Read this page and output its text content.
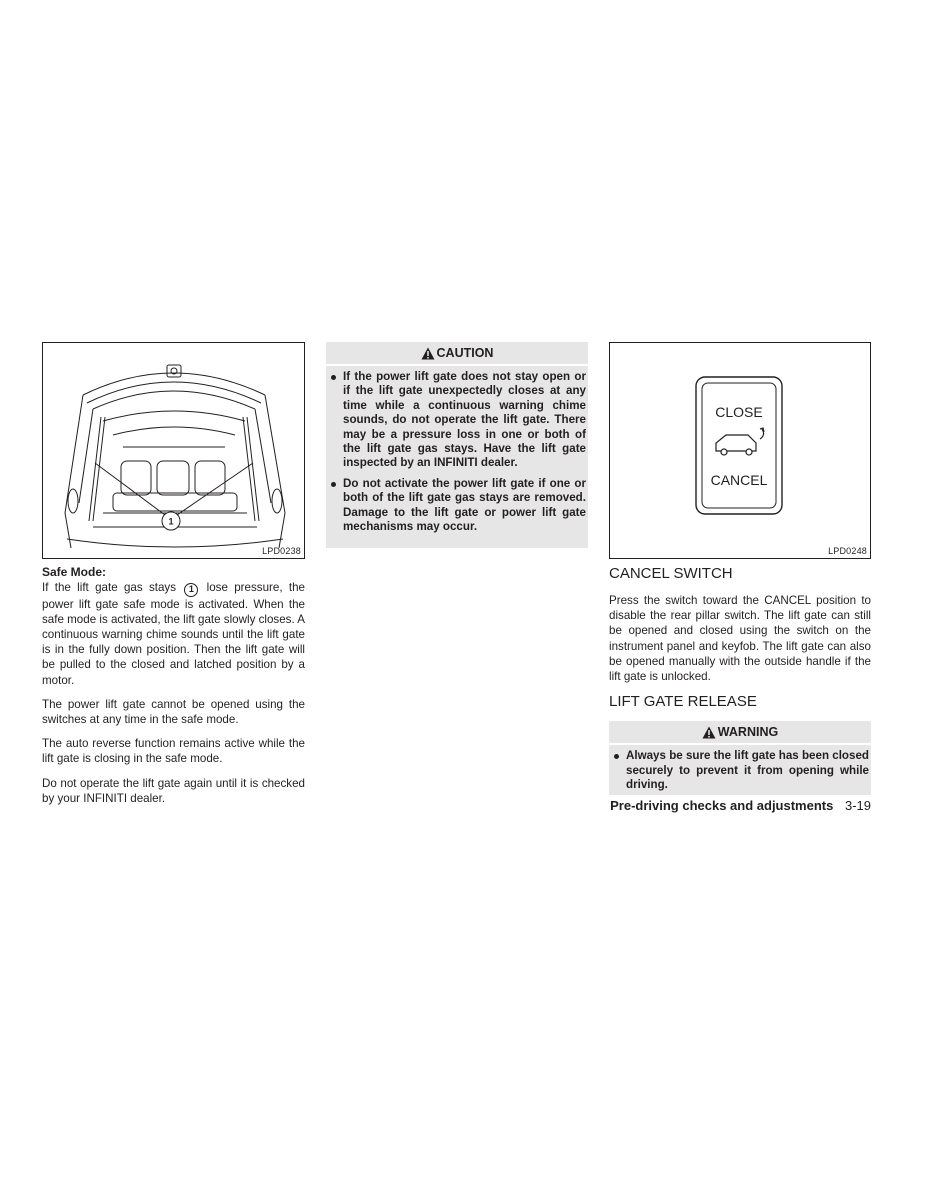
1
LPD0238
Safe Mode:

If the lift gate gas stays 1 lose pressure, the power lift gate safe mode is activated. When the safe mode is activated, the lift gate slowly closes. A continuous warning chime sounds until the lift gate is in the fully down position. Then the lift gate will be pulled to the closed and latched position by a motor.

The power lift gate cannot be opened using the switches at any time in the safe mode.

The auto reverse function remains active while the lift gate is closing in the safe mode.

Do not operate the lift gate again until it is checked by your INFINITI dealer.

CAUTION
If the power lift gate does not stay open or if the lift gate unexpectedly closes at any time while a continuous warning chime sounds, do not operate the lift gate. There may be a pressure loss in one or both of the lift gate gas stays. Have the lift gate inspected by an INFINITI dealer.
Do not activate the power lift gate if one or both of the lift gate gas stays are removed. Damage to the lift gate or power lift gate mechanisms may occur.
CLOSE
CANCEL
LPD0248
CANCEL SWITCH

Press the switch toward the CANCEL position to disable the rear pillar switch. The lift gate can still be opened and closed using the switch on the instrument panel and keyfob. The lift gate can also be opened manually with the outside handle if the lift gate is unlocked.

LIFT GATE RELEASE
WARNING
Always be sure the lift gate has been closed securely to prevent it from opening while driving.
Pre-driving checks and adjustments 3-19
